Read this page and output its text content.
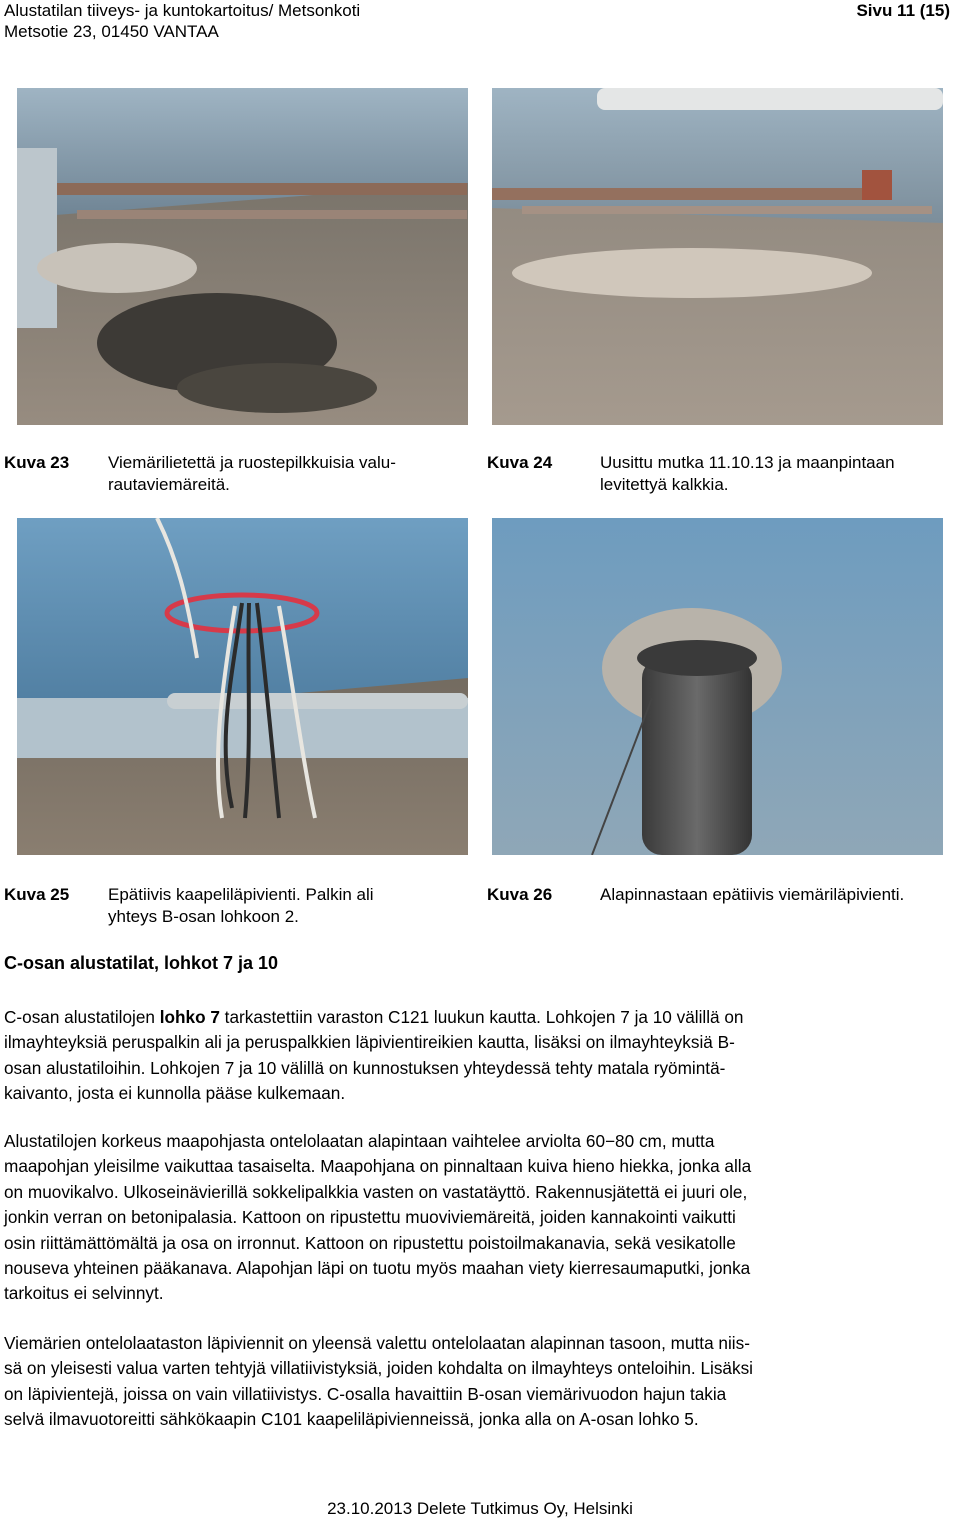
Alustatilan tiiveys- ja kuntokartoitus/ Metsonkoti
Metsotie 23, 01450 VANTAA
Sivu 11 (15)
Kuva 23 Viemärilietettä ja ruostepilkkuisia valu-
rautaviemäreitä.
Kuva 24	Uusittu mutka 11.10.13 ja maanpintaan
levitettyä kalkkia.
Kuva 25 Epätiivis kaapeliläpivienti. Palkin ali
yhteys B-osan lohkoon 2.
Kuva 26	Alapinnastaan epätiivis viemäriläpivienti.
C-osan alustatilat, lohkot 7 ja 10
C-osan alustatilojen lohko 7 tarkastettiin varaston C121 luukun kautta. Lohkojen 7 ja 10 välillä on
ilmayhteyksiä peruspalkin ali ja peruspalkkien läpivientireikien kautta, lisäksi on ilmayhteyksiä B-
osan alustatiloihin. Lohkojen 7 ja 10 välillä on kunnostuksen yhteydessä tehty matala ryömintä-
kaivanto, josta ei kunnolla pääse kulkemaan.
Alustatilojen korkeus maapohjasta ontelolaatan alapintaan vaihtelee arviolta 60−80 cm, mutta
maapohjan yleisilme vaikuttaa tasaiselta. Maapohjana on pinnaltaan kuiva hieno hiekka, jonka alla
on muovikalvo. Ulkoseinävierillä sokkelipalkkia vasten on vastatäyttö. Rakennusjätettä ei juuri ole,
jonkin verran on betonipalasia. Kattoon on ripustettu muoviviemäreitä, joiden kannakointi vaikutti
osin riittämättömältä ja osa on irronnut. Kattoon on ripustettu poistoilmakanavia, sekä vesikatolle
nouseva yhteinen pääkanava. Alapohjan läpi on tuotu myös maahan viety kierresaumaputki, jonka
tarkoitus ei selvinnyt.
Viemärien ontelolaataston läpiviennit on yleensä valettu ontelolaatan alapinnan tasoon, mutta niis-
sä on yleisesti valua varten tehtyjä villatiivistyksiä, joiden kohdalta on ilmayhteys onteloihin. Lisäksi
on läpivientejä, joissa on vain villatiivistys. C-osalla havaittiin B-osan viemärivuodon hajun takia
selvä ilmavuotoreitti sähkökaapin C101 kaapeliläpivienneissä, jonka alla on A-osan lohko 5.
23.10.2013 Delete Tutkimus Oy, Helsinki
